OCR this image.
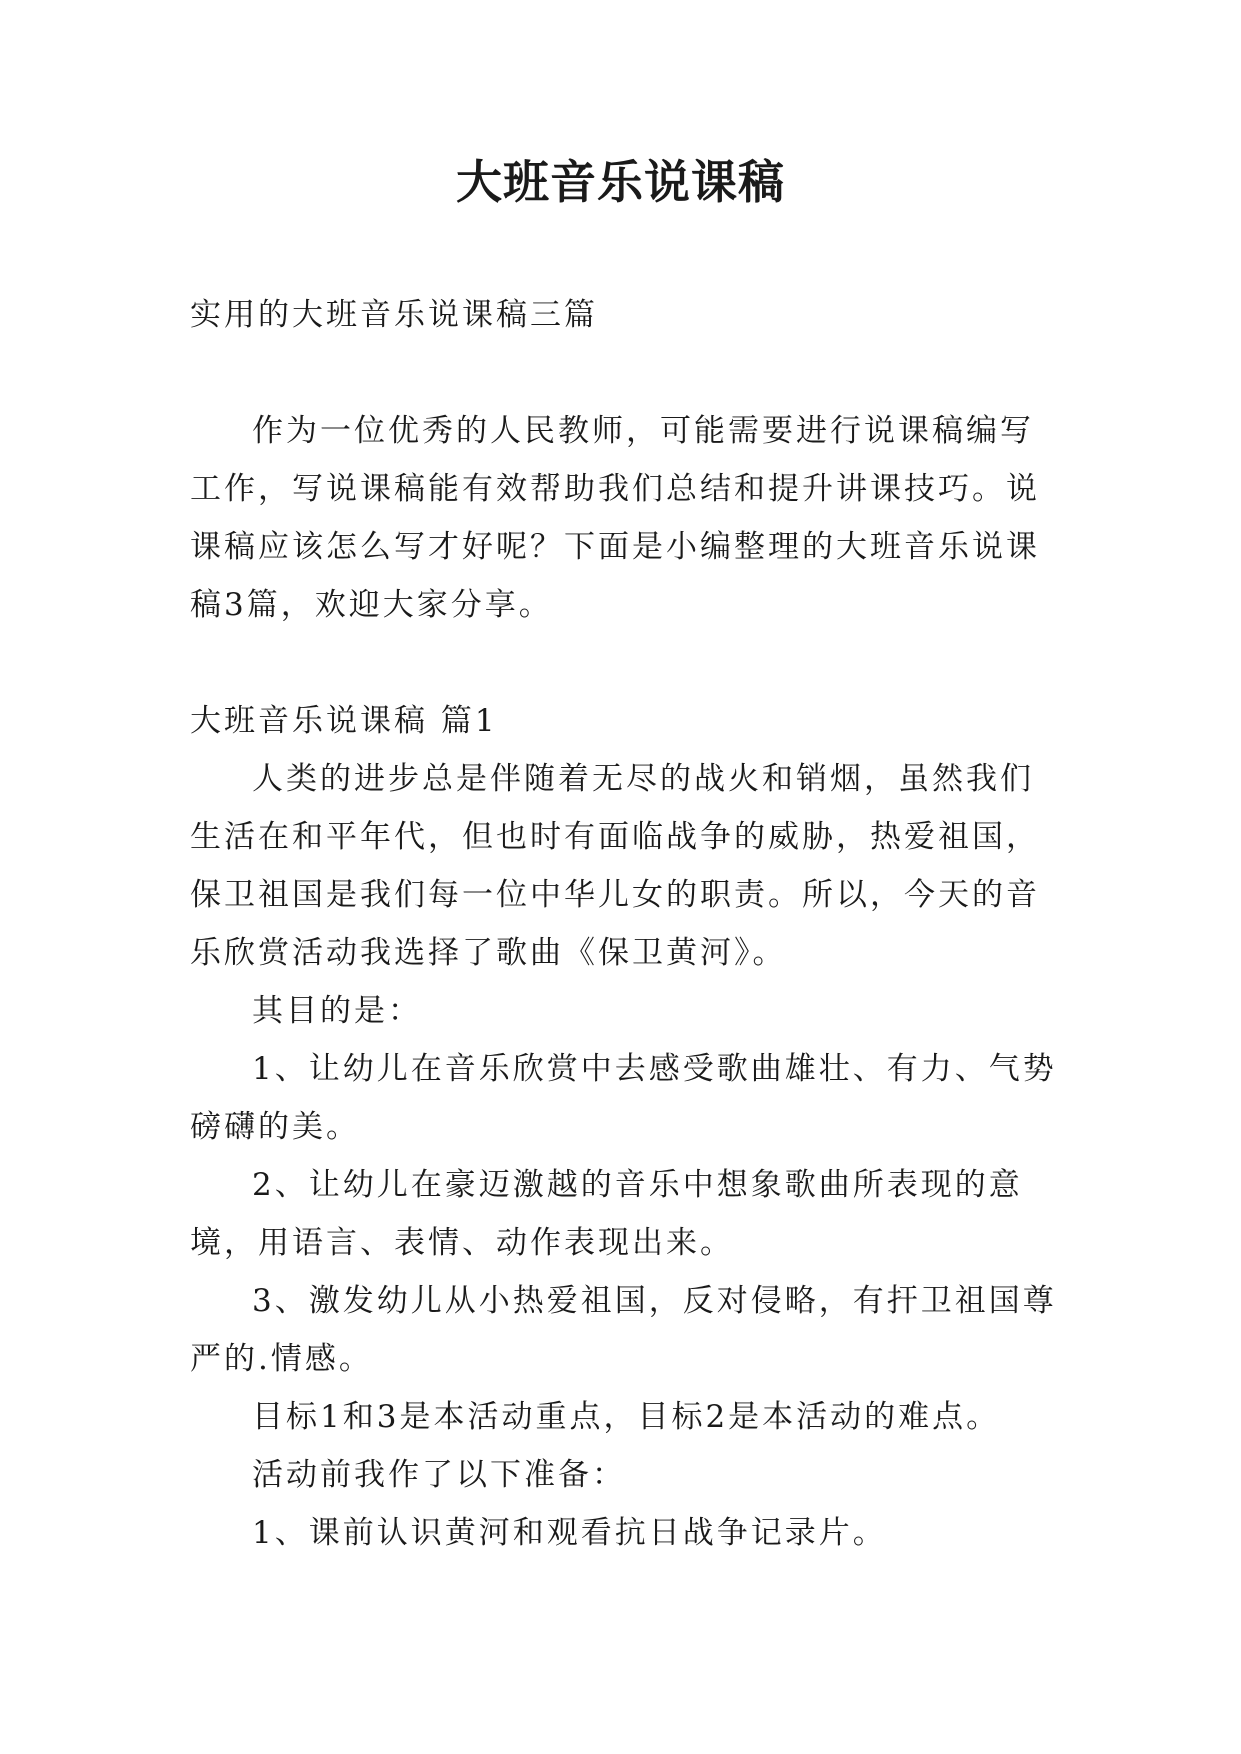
大班音乐说课稿

实用的大班音乐说课稿三篇

作为一位优秀的人民教师，可能需要进行说课稿编写工作，写说课稿能有效帮助我们总结和提升讲课技巧。说课稿应该怎么写才好呢？下面是小编整理的大班音乐说课稿3篇，欢迎大家分享。

大班音乐说课稿 篇1

人类的进步总是伴随着无尽的战火和销烟，虽然我们生活在和平年代，但也时有面临战争的威胁，热爱祖国，保卫祖国是我们每一位中华儿女的职责。所以，今天的音乐欣赏活动我选择了歌曲《保卫黄河》。

其目的是：

1、让幼儿在音乐欣赏中去感受歌曲雄壮、有力、气势磅礴的美。

2、让幼儿在豪迈激越的音乐中想象歌曲所表现的意境，用语言、表情、动作表现出来。

3、激发幼儿从小热爱祖国，反对侵略，有扞卫祖国尊严的.情感。

目标1和3是本活动重点，目标2是本活动的难点。

活动前我作了以下准备：

1、课前认识黄河和观看抗日战争记录片。
